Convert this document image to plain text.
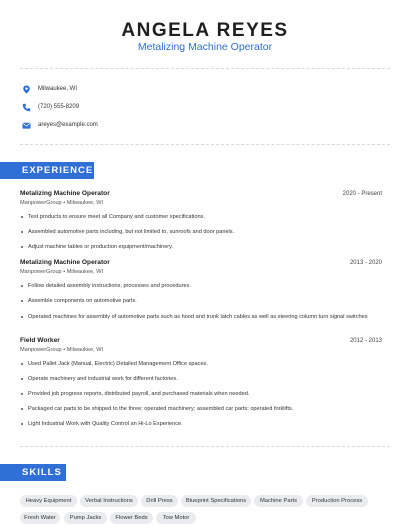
ANGELA REYES
Metalizing Machine Operator
Milwaukee, WI
(720) 555-8209
areyes@example.com
EXPERIENCE
Metalizing Machine Operator	2020 - Present
ManpowerGroup • Milwaukee, WI
Test products to ensure meet all Company and customer specifications.
Assembled automotive parts including, but not limited to, sunroofs and door panels.
Adjust machine tables or production equipment/machinery.
Metalizing Machine Operator	2013 - 2020
ManpowerGroup • Milwaukee, WI
Follow detailed assembly instructions, processes and procedures.
Assemble components on automotive parts.
Operated machines for assembly of automotive parts such as hood and trunk latch cables as well as steering column turn signal switches
Field Worker	2012 - 2013
ManpowerGroup • Milwaukee, WI
Used Pallet Jack (Manual, Electric) Detailed Management Office spaces.
Operate machinery and industrial work for different factories.
Provided job progress reports, distributed payroll, and purchased materials when needed.
Packaged car parts to be shipped to the three; operated machinery; assembled car parts; operated forklifts.
Light Industrial Work with Quality Control an Hi-Lo Experience.
SKILLS
Heavy Equipment	Verbal Instructions	Drill Press	Blueprint Specifications	Machine Parts	Production Process
Fresh Water	Pump Jacks	Flower Beds	Tow Motor
